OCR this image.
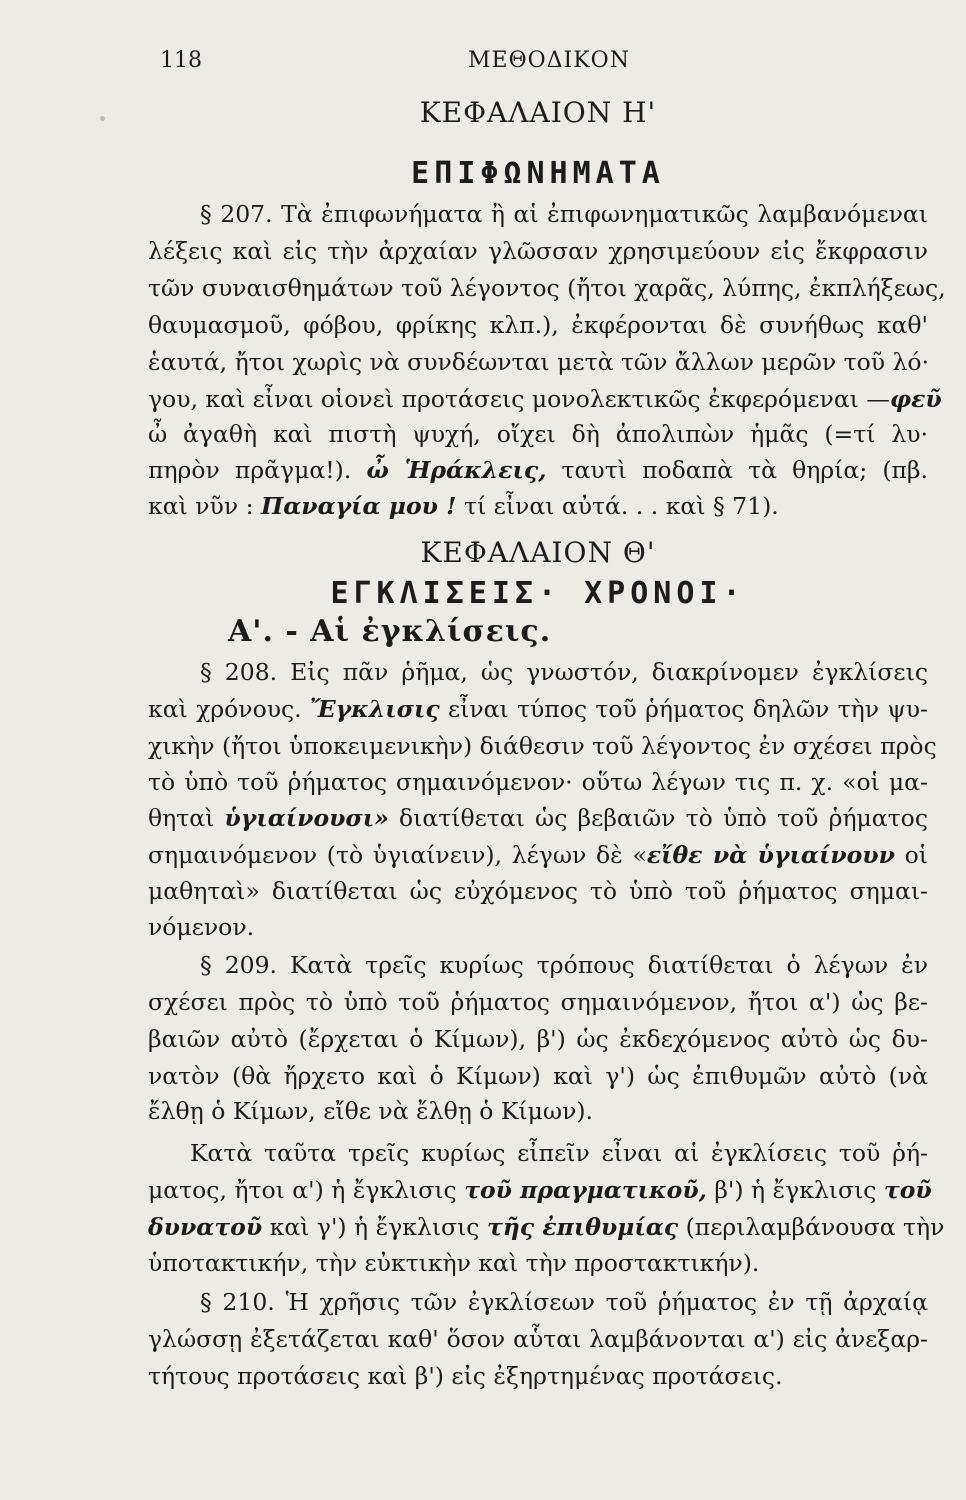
118	ΜΕΘΟΔΙΚΟΝ
ΚΕΦΑΛΑΙΟΝ Η'
ΕΠΙΦΩΝΗΜΑΤΑ
§ 207. Τὰ ἐπιφωνήματα ἢ αἱ ἐπιφωνηματικῶς λαμβανόμεναι
λέξεις καὶ εἰς τὴν ἀρχαίαν γλῶσσαν χρησιμεύουν εἰς ἔκφρασιν
τῶν συναισθημάτων τοῦ λέγοντος (ἤτοι χαρᾶς, λύπης, ἐκπλήξεως,
θαυμασμοῦ, φόβου, φρίκης κλπ.), ἐκφέρονται δὲ συνήθως καθ'
ἑαυτά, ἤτοι χωρὶς νὰ συνδέωνται μετὰ τῶν ἄλλων μερῶν τοῦ λό·
γου, καὶ εἶναι οἱονεὶ προτάσεις μονολεκτικῶς ἐκφερόμεναι —φεῦ
ὦ ἀγαθὴ καὶ πιστὴ ψυχή, οἴχει δὴ ἀπολιπὼν ἡμᾶς (=τί λυ·
πηρὸν πρᾶγμα!). ὦ Ἡράκλεις, ταυτὶ ποδαπὰ τὰ θηρία; (πβ.
καὶ νῦν : Παναγία μου ! τί εἶναι αὐτά. . . καὶ § 71).
ΚΕΦΑΛΑΙΟΝ Θ'
ΕΓΚΛΙΣΕΙΣ· ΧΡΟΝΟΙ·
Α'. - Αἱ ἐγκλίσεις.
§ 208. Εἰς πᾶν ῥῆμα, ὡς γνωστόν, διακρίνομεν ἐγκλίσεις
καὶ χρόνους. Ἔγκλισις εἶναι τύπος τοῦ ῥήματος δηλῶν τὴν ψυ-
χικὴν (ἤτοι ὑποκειμενικὴν) διάθεσιν τοῦ λέγοντος ἐν σχέσει πρὸς
τὸ ὑπὸ τοῦ ῥήματος σημαινόμενον· οὕτω λέγων τις π. χ. «οἱ μα-
θηταὶ ὑγιαίνουσι» διατίθεται ὡς βεβαιῶν τὸ ὑπὸ τοῦ ῥήματος
σημαινόμενον (τὸ ὑγιαίνειν), λέγων δὲ «εἴθε νὰ ὑγιαίνουν οἱ
μαθηταὶ» διατίθεται ὡς εὐχόμενος τὸ ὑπὸ τοῦ ῥήματος σημαι-
νόμενον.
§ 209. Κατὰ τρεῖς κυρίως τρόπους διατίθεται ὁ λέγων ἐν
σχέσει πρὸς τὸ ὑπὸ τοῦ ῥήματος σημαινόμενον, ἤτοι α') ὡς βε-
βαιῶν αὐτὸ (ἔρχεται ὁ Κίμων), β') ὡς ἐκδεχόμενος αὐτὸ ὡς δυ-
νατὸν (θὰ ἤρχετο καὶ ὁ Κίμων) καὶ γ') ὡς ἐπιθυμῶν αὐτὸ (νὰ
ἔλθῃ ὁ Κίμων, εἴθε νὰ ἔλθῃ ὁ Κίμων).
Κατὰ ταῦτα τρεῖς κυρίως εἶπεῖν εἶναι αἱ ἐγκλίσεις τοῦ ῥή-
ματος, ἤτοι α') ἡ ἔγκλισις τοῦ πραγματικοῦ, β') ἡ ἔγκλισις τοῦ
δυνατοῦ καὶ γ') ἡ ἔγκλισις τῆς ἐπιθυμίας (περιλαμβάνουσα τὴν
ὑποτακτικήν, τὴν εὐκτικὴν καὶ τὴν προστακτικήν).
§ 210. Ἡ χρῆσις τῶν ἐγκλίσεων τοῦ ῥήματος ἐν τῇ ἀρχαίᾳ
γλώσσῃ ἐξετάζεται καθ' ὅσον αὗται λαμβάνονται α') εἰς ἀνεξαρ-
τήτους προτάσεις καὶ β') εἰς ἐξηρτημένας προτάσεις.
